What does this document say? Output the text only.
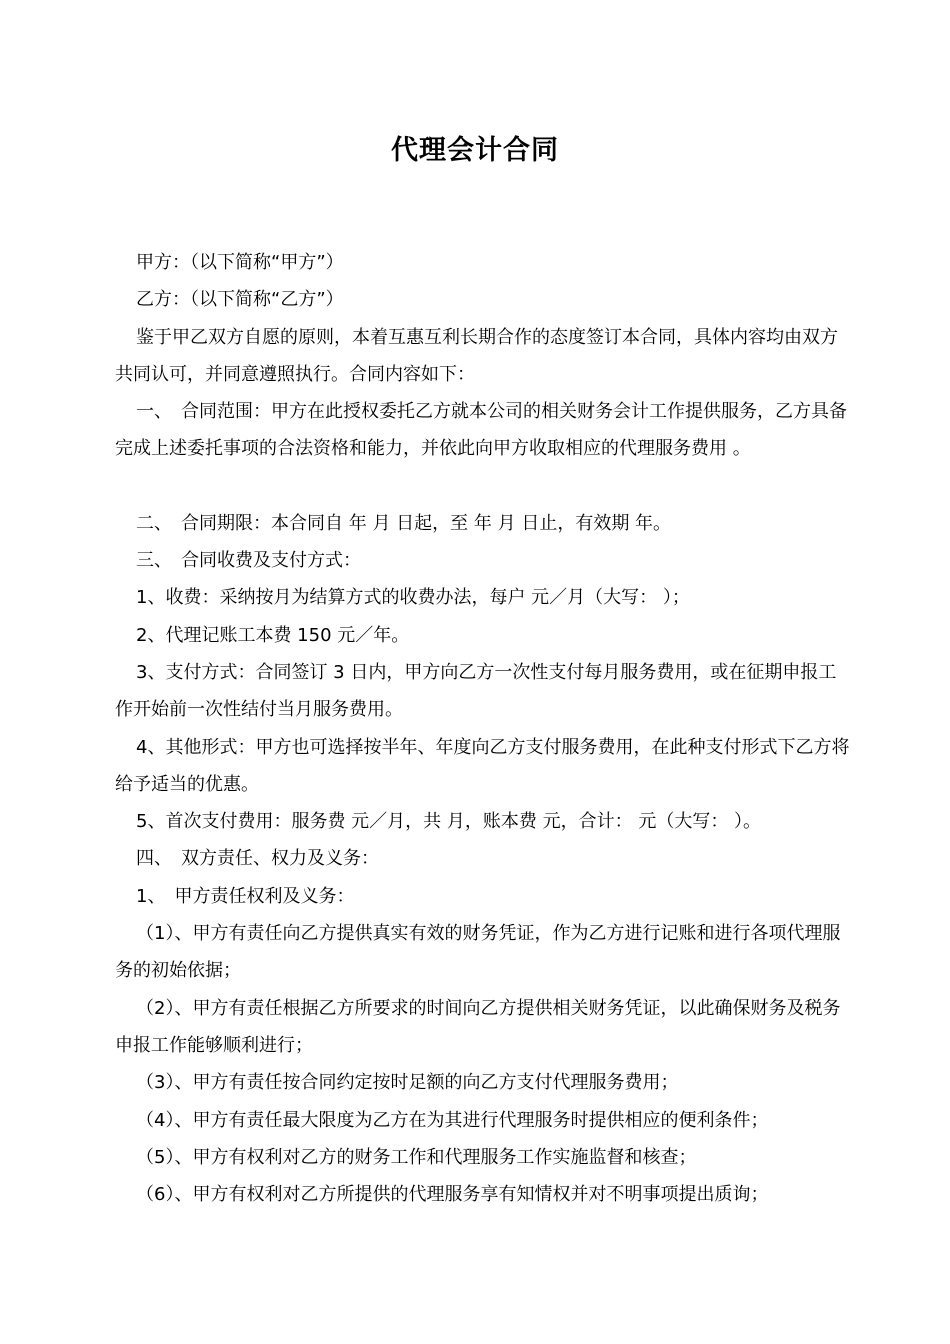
代理会计合同

甲方：（以下简称“甲方”）

乙方：（以下简称“乙方”）

鉴于甲乙双方自愿的原则，本着互惠互利长期合作的态度签订本合同，具体内容均由双方共同认可，并同意遵照执行。合同内容如下：

一、　合同范围：甲方在此授权委托乙方就本公司的相关财务会计工作提供服务，乙方具备完成上述委托事项的合法资格和能力，并依此向甲方收取相应的代理服务费用 。

二、　合同期限：本合同自 年 月 日起，至 年 月 日止，有效期 年。

三、　合同收费及支付方式：

1、收费：采纳按月为结算方式的收费办法，每户 元／月（大写： ）；

2、代理记账工本费 150 元／年。

3、支付方式：合同签订 3 日内，甲方向乙方一次性支付每月服务费用，或在征期申报工作开始前一次性结付当月服务费用。

4、其他形式：甲方也可选择按半年、年度向乙方支付服务费用，在此种支付形式下乙方将给予适当的优惠。

5、首次支付费用：服务费 元／月，共 月，账本费 元，合计： 元（大写： ）。

四、　双方责任、权力及义务：

1、　甲方责任权利及义务：

（1）、甲方有责任向乙方提供真实有效的财务凭证，作为乙方进行记账和进行各项代理服务的初始依据；

（2）、甲方有责任根据乙方所要求的时间向乙方提供相关财务凭证，以此确保财务及税务申报工作能够顺利进行；

（3）、甲方有责任按合同约定按时足额的向乙方支付代理服务费用；

（4）、甲方有责任最大限度为乙方在为其进行代理服务时提供相应的便利条件；

（5）、甲方有权利对乙方的财务工作和代理服务工作实施监督和核查；

（6）、甲方有权利对乙方所提供的代理服务享有知情权并对不明事项提出质询；
